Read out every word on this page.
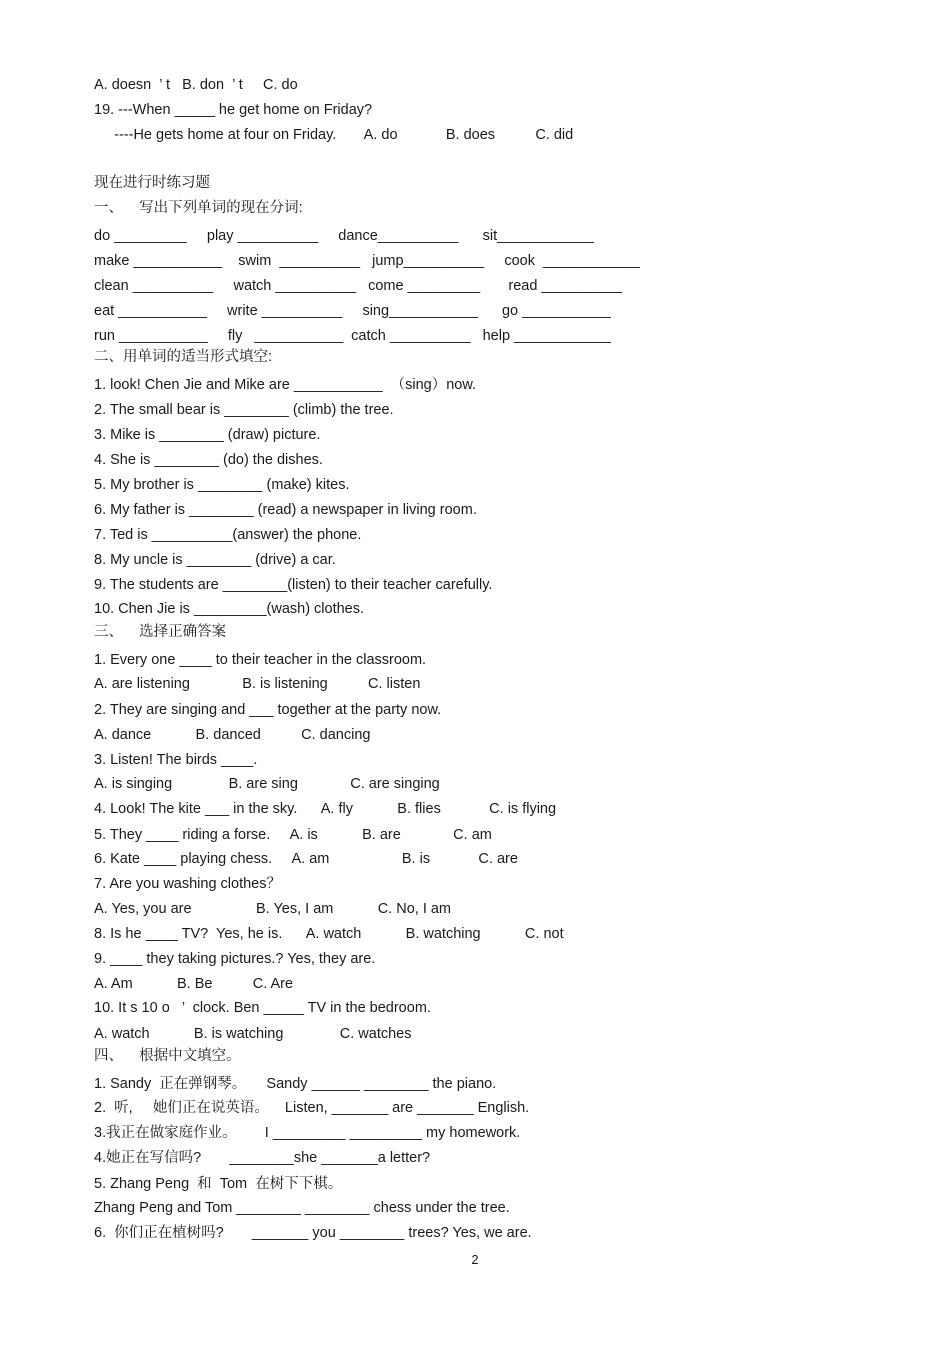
A. doesn  ’ t   B. don  ’ t     C. do
19. ---When _____ he get home on Friday?
----He gets home at four on Friday.       A. do            B. does          C. did
现在进行时练习题
一、    写出下列单词的现在分词:
do _________     play __________     dance__________      sit____________
make ___________    swim  __________   jump__________     cook  ____________
clean __________     watch __________   come _________       read __________
eat ___________     write __________     sing___________      go ___________
run ___________     fly   ___________  catch __________   help ____________
二、用单词的适当形式填空:
1. look! Chen Jie and Mike are ___________  （sing）now.
2. The small bear is ________ (climb) the tree.
3. Mike is ________ (draw) picture.
4. She is ________ (do) the dishes.
5. My brother is ________ (make) kites.
6. My father is ________ (read) a newspaper in living room.
7. Ted is __________(answer) the phone.
8. My uncle is ________ (drive) a car.
9. The students are ________(listen) to their teacher carefully.
10. Chen Jie is _________(wash) clothes.
三、    选择正确答案
1. Every one ____ to their teacher in the classroom.
A. are listening             B. is listening          C. listen
2. They are singing and ___ together at the party now.
A. dance           B. danced          C. dancing
3. Listen! The birds ____.
A. is singing              B. are sing             C. are singing
4. Look! The kite ___ in the sky.      A. fly           B. flies            C. is flying
5. They ____ riding a forse.     A. is           B. are             C. am
6. Kate ____ playing chess.     A. am                  B. is            C. are
7. Are you washing clothes？
A. Yes, you are                B. Yes, I am           C. No, I am
8. Is he ____ TV?  Yes, he is.      A. watch           B. watching           C. not
9. ____ they taking pictures.? Yes, they are.
A. Am           B. Be          C. Are
10. It s 10 o   ’  clock. Ben _____ TV in the bedroom.
A. watch           B. is watching              C. watches
四、    根据中文填空。
1. Sandy  正在弹钢琴。     Sandy ______ ________ the piano.
2.  听,     她们正在说英语。    Listen, _______ are _______ English.
3.我正在做家庭作业。       I _________ _________ my homework.
4.她正在写信吗?       ________she _______a letter?
5. Zhang Peng  和  Tom  在树下下棋。
Zhang Peng and Tom ________ ________ chess under the tree.
6.  你们正在植树吗?       _______ you ________ trees? Yes, we are.
2
